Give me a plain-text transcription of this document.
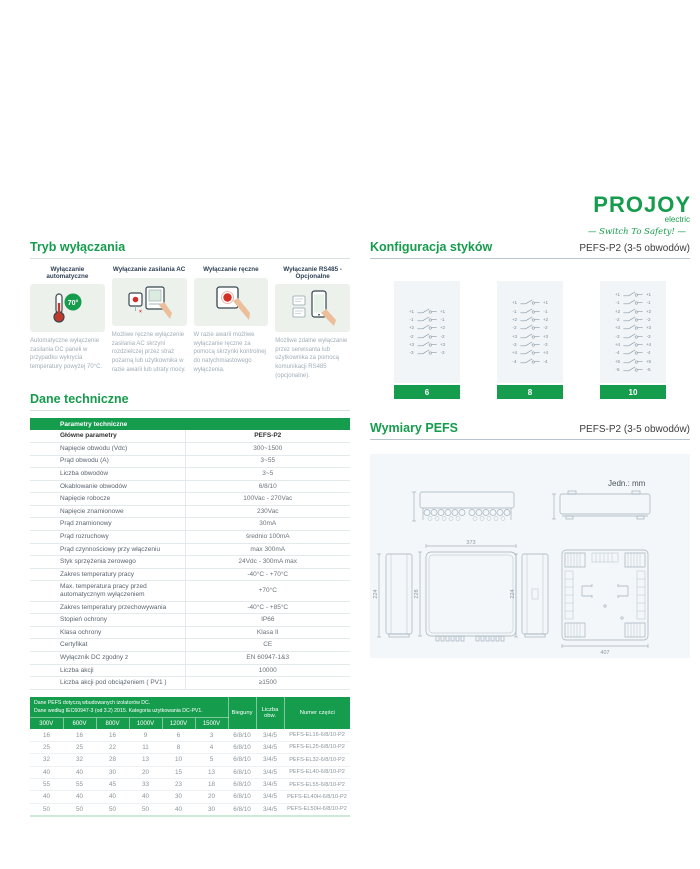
PROJOY
electric
— Switch To Safety! —
Tryb wyłączania
Wyłączanie automatyczne
70°
Automatyczne wyłączenie zasilania DC paneli w przypadku wykrycia temperatury powyżej 70°C.
Wyłączanie zasilania AC
×
Możliwe ręczne wyłączenie zasilania AC skrzyni rozdzielczej przez straż pożarną lub użytkownika w razie awarii lub utraty mocy.
Wyłączanie ręczne
W razie awarii możliwe wyłączanie ręczne za pomocą skrzynki kontrolnej do natychmiastowego wyłączenia.
Wyłączanie RS485 - Opcjonalne
Możliwe zdalne wyłączanie przez serwisanta lub użytkownika za pomocą komunikacji RS485 (opcjonalne).
Dane techniczne
Parametry techniczne
Główne parametry	PEFS-P2
Napięcie obwodu (Vdc)	300~1500
Prąd obwodu (A)	3~55
Liczba obwodów	3~5
Okablowanie obwodów	6/8/10
Napięcie robocze	100Vac - 270Vac
Napięcie znamionowe	230Vac
Prąd znamionowy	30mA
Prąd rozruchowy	średnio 100mA
Prąd czynnościowy przy włączeniu	max 300mA
Styk sprzężenia zerowego	24Vdc - 300mA max
Zakres temperatury pracy	-40°C - +70°C
Max. temperatura pracy przed automatycznym wyłączeniem	+70°C
Zakres temperatury przechowywania	-40°C - +85°C
Stopień ochrony	IP66
Klasa ochrony	Klasa II
Certyfikat	CE
Wyłącznik DC zgodny z	EN 60947-1&3
Liczba akcji	10000
Liczba akcji pod obciążeniem ( PV1 )	≥1500
Dane PEFS dotyczą wbudowanych izolatorów DC.
Dane według IEC60947-3 (od 3.2) 2015. Kategoria użytkowania DC-PV1.						Bieguny	Liczba obw.	Numer części
300V	600V	800V	1000V	1200V	1500V			
16	16	16	9	6	3	6/8/10	3/4/5	PEFS-EL16-6/8/10-P2
25	25	22	11	8	4	6/8/10	3/4/5	PEFS-EL25-6/8/10-P2
32	32	28	13	10	5	6/8/10	3/4/5	PEFS-EL32-6/8/10-P2
40	40	30	20	15	13	6/8/10	3/4/5	PEFS-EL40-6/8/10-P2
55	55	45	33	23	18	6/8/10	3/4/5	PEFS-EL55-6/8/10-P2
40	40	40	40	30	20	6/8/10	3/4/5	PEFS-EL40H-6/8/10-P2
50	50	50	50	40	30	6/8/10	3/4/5	PEFS-EL50H-6/8/10-P2
Konfiguracja styków	PEFS-P2 (3-5 obwodów)
+1	+1
-1	-1
+2	+2
-2	-2
+3	+3
-3	-3
6
+1	+1
-1	-1
+2	+2
-2	-2
+3	+3
-3	-3
+4	+4
-4	-4
8
+1	+1
-1	-1
+2	+2
-2	-2
+3	+3
-3	-3
+4	+4
-4	-4
+5	+5
-5	-5
10
Wymiary PEFS	PEFS-P2 (3-5 obwodów)
Jedn.: mm
224
373
228	224
407
